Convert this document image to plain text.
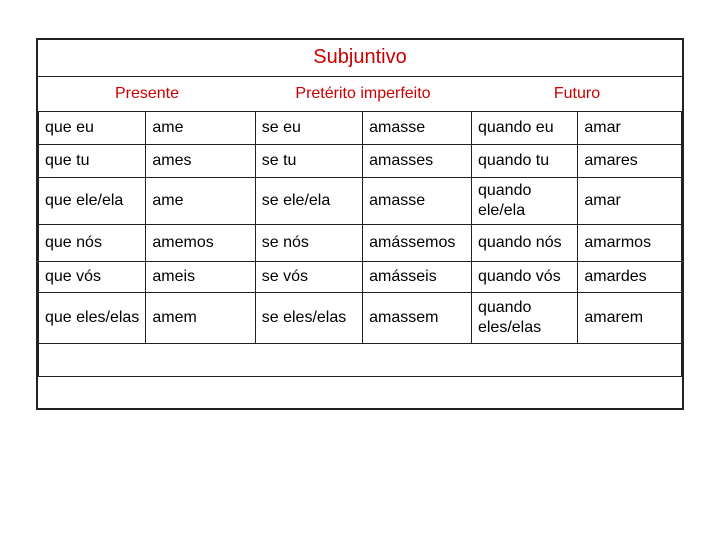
Subjuntivo
Presente	Pretérito imperfeito	Futuro
que eu	ame	se eu	amasse	quando eu	amar
que tu	ames	se tu	amasses	quando tu	amares
que ele/ela	ame	se ele/ela	amasse	quando ele/ela	amar
que nós	amemos	se nós	amássemos	quando nós	amarmos
que vós	ameis	se vós	amásseis	quando vós	amardes
que eles/elas	amem	se eles/elas	amassem	quando eles/elas	amarem
